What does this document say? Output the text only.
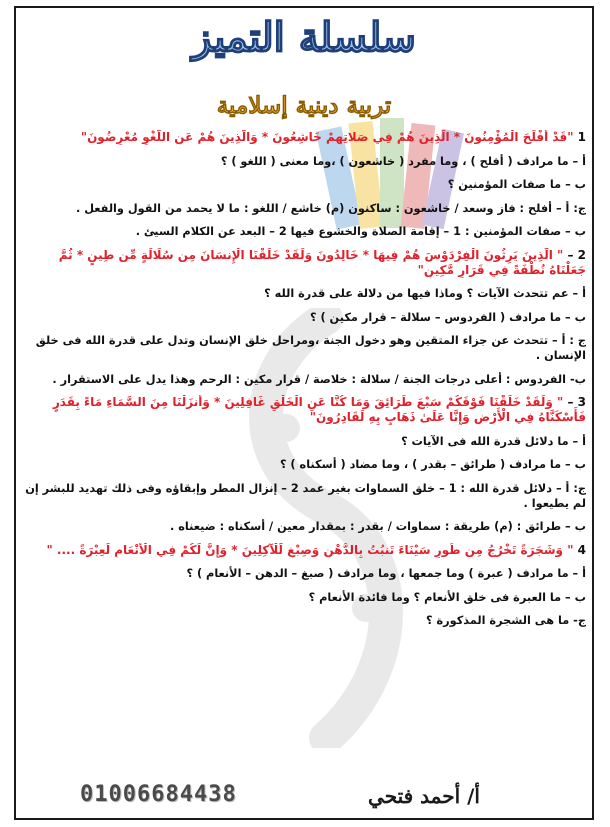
سلسلة التميز
تربية دينية إسلامية
1 "قَدْ أَفْلَحَ الْمُؤْمِنُونَ * الَّذِينَ هُمْ فِي صَلاتِهِمْ خَاشِعُونَ * وَالَّذِينَ هُمْ عَنِ اللَّغْوِ مُعْرِضُونَ"
أ – ما مرادف ( أفلح ) ، وما مفرد ( خاشعون ) ،وما معنى ( اللغو ) ؟
ب – ما صفات المؤمنين ؟
ج: أ – أفلح : فاز وسعد / خاشعون : ساكنون (م) خاشع / اللغو : ما لا يحمد من القول والفعل .
ب – صفات المؤمنين : 1 – إقامة الصلاة والخشوع فيها 2 – البعد عن الكلام السيئ .
2 – " الَّذِينَ يَرِثُونَ الْفِرْدَوْسَ هُمْ فِيهَا * خَالِدُونَ وَلَقَدْ خَلَقْنَا الْإِنسَانَ مِن سُلَالَةٍ مِّن طِينٍ * ثُمَّ جَعَلْنَاهُ نُطْفَةً فِي قَرَارٍ مَّكِينٍ"
أ – عم تتحدث الآيات ؟ وماذا فيها من دلالة على قدرة الله ؟
ب – ما مرادف ( الفردوس – سلالة – قرار مكين ) ؟
ج : أ – تتحدث عن جزاء المتقين وهو دخول الجنة ،ومراحل خلق الإنسان وتدل على قدرة الله فى خلق الإنسان .
ب- الفردوس : أعلى درجات الجنة / سلالة : خلاصة / قرار مكين : الرحم وهذا يدل على الاستقرار .
3 – " وَلَقَدْ خَلَقْنَا فَوْقَكُمْ سَبْعَ طَرَائِقَ وَمَا كُنَّا عَنِ الْخَلْقِ غَافِلِينَ * وَأَنزَلْنَا مِنَ السَّمَاءِ مَاءً بِقَدَرٍ فَأَسْكَنَّاهُ فِي الْأَرْضِ وَإِنَّا عَلَىٰ ذَهَابٍ بِهِ لَقَادِرُونَ"
أ – ما دلائل قدرة الله فى الآيات ؟
ب – ما مرادف ( طرائق – بقدر ) ، وما مضاد ( أسكناه ) ؟
ج: أ – دلائل قدرة الله : 1 – خلق السماوات بغير عمد 2 – إنزال المطر وإبقاؤه وفى ذلك تهديد للبشر إن لم يطيعوا .
ب – طرائق : (م) طريقة : سماوات / بقدر : بمقدار معين / أسكناه : ضيعناه .
4 " وَشَجَرَةً تَخْرُجُ مِن طُورِ سَيْنَاءَ تَنبُتُ بِالدُّهْنِ وَصِبْغٍ لِّلْآكِلِينَ * وَإِنَّ لَكُمْ فِي الْأَنْعَامِ لَعِبْرَةً .... "
أ – ما مرادف ( عبرة ) وما جمعها ، وما مرادف ( صبغ – الدهن – الأنعام ) ؟
ب – ما العبرة فى خلق الأنعام ؟ وما فائدة الأنعام ؟
ج- ما هى الشجرة المذكورة ؟
01006684438	أ/ أحمد فتحي
